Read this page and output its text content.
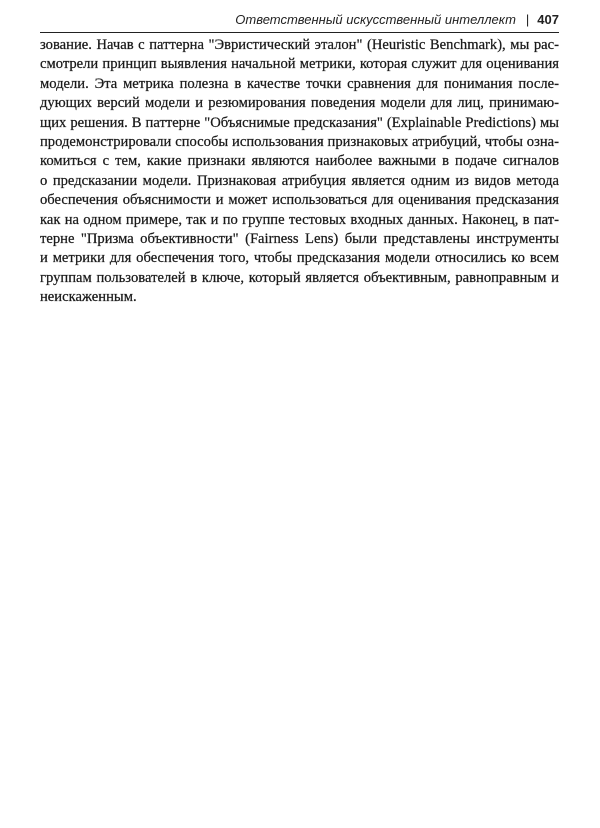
Ответственный искусственный интеллект | 407
зование. Начав с паттерна "Эвристический эталон" (Heuristic Benchmark), мы рас-
смотрели принцип выявления начальной метрики, которая служит для оценивания
модели. Эта метрика полезна в качестве точки сравнения для понимания после-
дующих версий модели и резюмирования поведения модели для лиц, принимаю-
щих решения. В паттерне "Объяснимые предсказания" (Explainable Predictions) мы
продемонстрировали способы использования признаковых атрибуций, чтобы озна-
комиться с тем, какие признаки являются наиболее важными в подаче сигналов
о предсказании модели. Признаковая атрибуция является одним из видов метода
обеспечения объяснимости и может использоваться для оценивания предсказания
как на одном примере, так и по группе тестовых входных данных. Наконец, в пат-
терне "Призма объективности" (Fairness Lens) были представлены инструменты
и метрики для обеспечения того, чтобы предсказания модели относились ко всем
группам пользователей в ключе, который является объективным, равноправным и
неискаженным.
